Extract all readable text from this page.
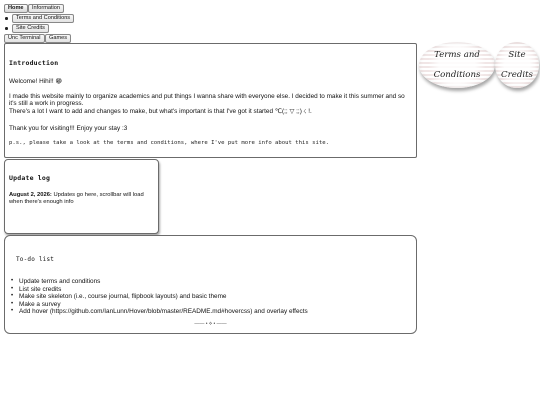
Home	Information
Terms and Conditions
Site Credits
Unc Terminal	Games
Terms and
Conditions
Site
Credits
Introduction
Welcome! Hihi!! 😁
I made this website mainly to organize academics and put things I wanna share with everyone else. I decided to make it this summer and so it's still a work in progress.
There's a lot I want to add and changes to make, but what's important is that I've got it started ℃(;; ▽ ;;)ㄑ!.
Thank you for visiting!!! Enjoy your stay :3
p.s., please take a look at the terms and conditions, where I've put more info about this site.
Update log
August 2, 2026: Updates go here, scrollbar will load when there's enough info
To-do list
• Update terms and conditions
• List site credits
• Make site skeleton (i.e., course journal, flipbook layouts) and basic theme
• Make a survey
• Add hover (https://github.com/IanLunn/Hover/blob/master/README.md#hovercss) and overlay effects
—— • ⟡ • ——
